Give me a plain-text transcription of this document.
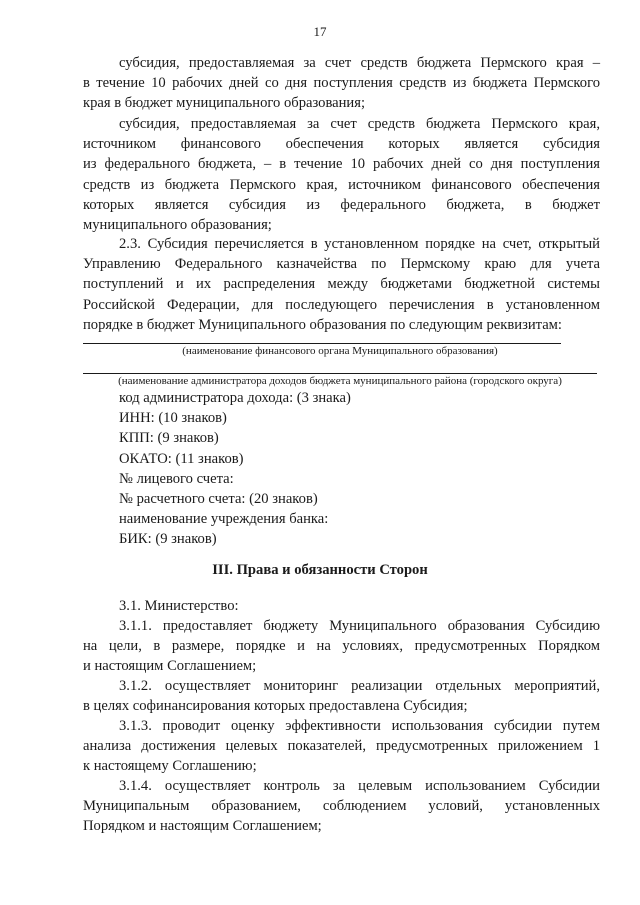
17

субсидия, предоставляемая за счет средств бюджета Пермского края –
в течение 10 рабочих дней со дня поступления средств из бюджета Пермского
края в бюджет муниципального образования;

субсидия, предоставляемая за счет средств бюджета Пермского края,
источником финансового обеспечения которых является субсидия
из федерального бюджета, – в течение 10 рабочих дней со дня поступления
средств из бюджета Пермского края, источником финансового обеспечения
которых является субсидия из федерального бюджета, в бюджет
муниципального образования;

2.3. Субсидия перечисляется в установленном порядке на счет, открытый
Управлению Федерального казначейства по Пермскому краю для учета
поступлений и их распределения между бюджетами бюджетной системы
Российской Федерации, для последующего перечисления в установленном
порядке в бюджет Муниципального образования по следующим реквизитам:

(наименование финансового органа Муниципального образования)
(наименование администратора доходов бюджета муниципального района (городского округа)
код администратора дохода: (3 знака)
ИНН: (10 знаков)
КПП: (9 знаков)
ОКАТО: (11 знаков)
№ лицевого счета:
№ расчетного счета: (20 знаков)
наименование учреждения банка:
БИК: (9 знаков)
III. Права и обязанности Сторон

3.1. Министерство:

3.1.1. предоставляет бюджету Муниципального образования Субсидию
на цели, в размере, порядке и на условиях, предусмотренных Порядком
и настоящим Соглашением;

3.1.2. осуществляет мониторинг реализации отдельных мероприятий,
в целях софинансирования которых предоставлена Субсидия;

3.1.3. проводит оценку эффективности использования субсидии путем
анализа достижения целевых показателей, предусмотренных приложением 1
к настоящему Соглашению;

3.1.4. осуществляет контроль за целевым использованием Субсидии
Муниципальным образованием, соблюдением условий, установленных
Порядком и настоящим Соглашением;
